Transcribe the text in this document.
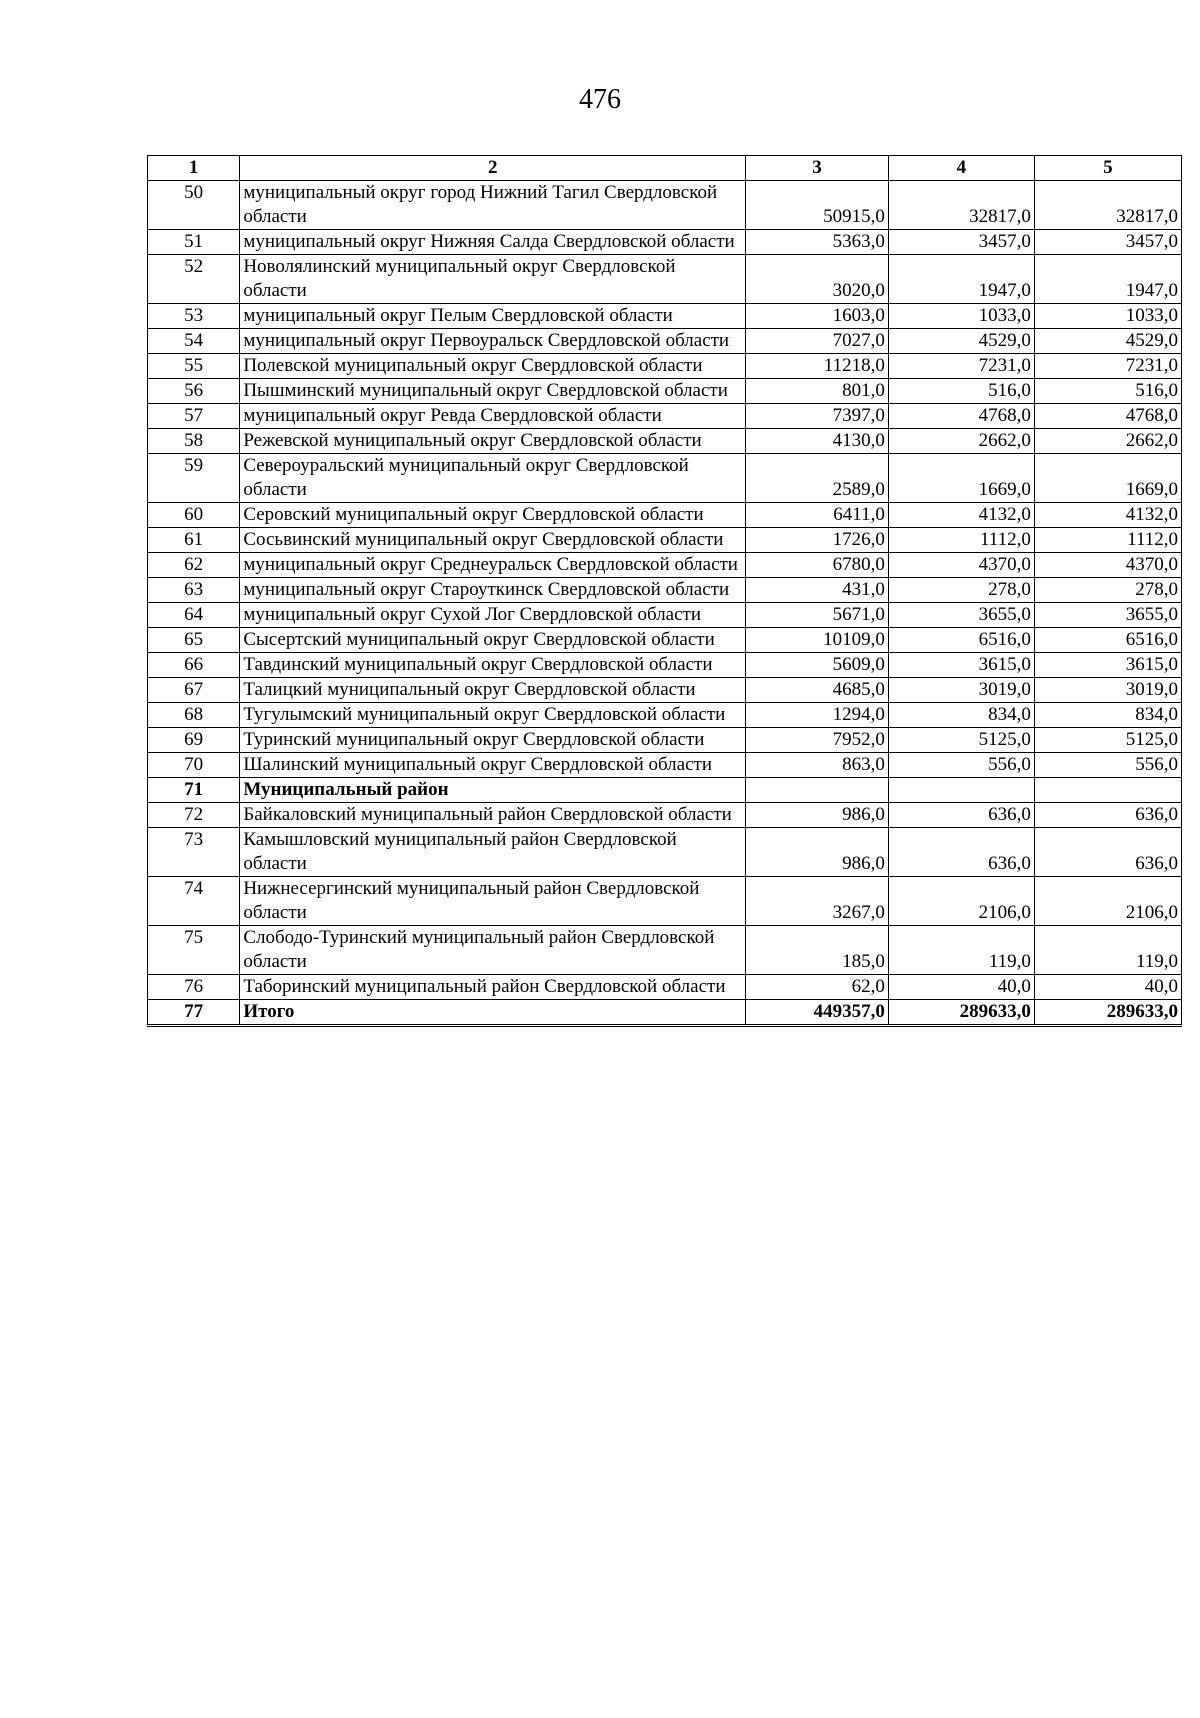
476
1	2	3	4	5
50	муниципальный округ город Нижний Тагил Свердловской области	50915,0	32817,0	32817,0
51	муниципальный округ Нижняя Салда Свердловской области	5363,0	3457,0	3457,0
52	Новолялинский муниципальный округ Свердловской области	3020,0	1947,0	1947,0
53	муниципальный округ Пелым Свердловской области	1603,0	1033,0	1033,0
54	муниципальный округ Первоуральск Свердловской области	7027,0	4529,0	4529,0
55	Полевской муниципальный округ Свердловской области	11218,0	7231,0	7231,0
56	Пышминский муниципальный округ Свердловской области	801,0	516,0	516,0
57	муниципальный округ Ревда Свердловской области	7397,0	4768,0	4768,0
58	Режевской муниципальный округ Свердловской области	4130,0	2662,0	2662,0
59	Североуральский муниципальный округ Свердловской области	2589,0	1669,0	1669,0
60	Серовский муниципальный округ Свердловской области	6411,0	4132,0	4132,0
61	Сосьвинский муниципальный округ Свердловской области	1726,0	1112,0	1112,0
62	муниципальный округ Среднеуральск Свердловской области	6780,0	4370,0	4370,0
63	муниципальный округ Староуткинск Свердловской области	431,0	278,0	278,0
64	муниципальный округ Сухой Лог Свердловской области	5671,0	3655,0	3655,0
65	Сысертский муниципальный округ Свердловской области	10109,0	6516,0	6516,0
66	Тавдинский муниципальный округ Свердловской области	5609,0	3615,0	3615,0
67	Талицкий муниципальный округ Свердловской области	4685,0	3019,0	3019,0
68	Тугулымский муниципальный округ Свердловской области	1294,0	834,0	834,0
69	Туринский муниципальный округ Свердловской области	7952,0	5125,0	5125,0
70	Шалинский муниципальный округ Свердловской области	863,0	556,0	556,0
71	Муниципальный район			
72	Байкаловский муниципальный район Свердловской области	986,0	636,0	636,0
73	Камышловский муниципальный район Свердловской области	986,0	636,0	636,0
74	Нижнесергинский муниципальный район Свердловской области	3267,0	2106,0	2106,0
75	Слободо-Туринский муниципальный район Свердловской области	185,0	119,0	119,0
76	Таборинский муниципальный район Свердловской области	62,0	40,0	40,0
77	Итого	449357,0	289633,0	289633,0
